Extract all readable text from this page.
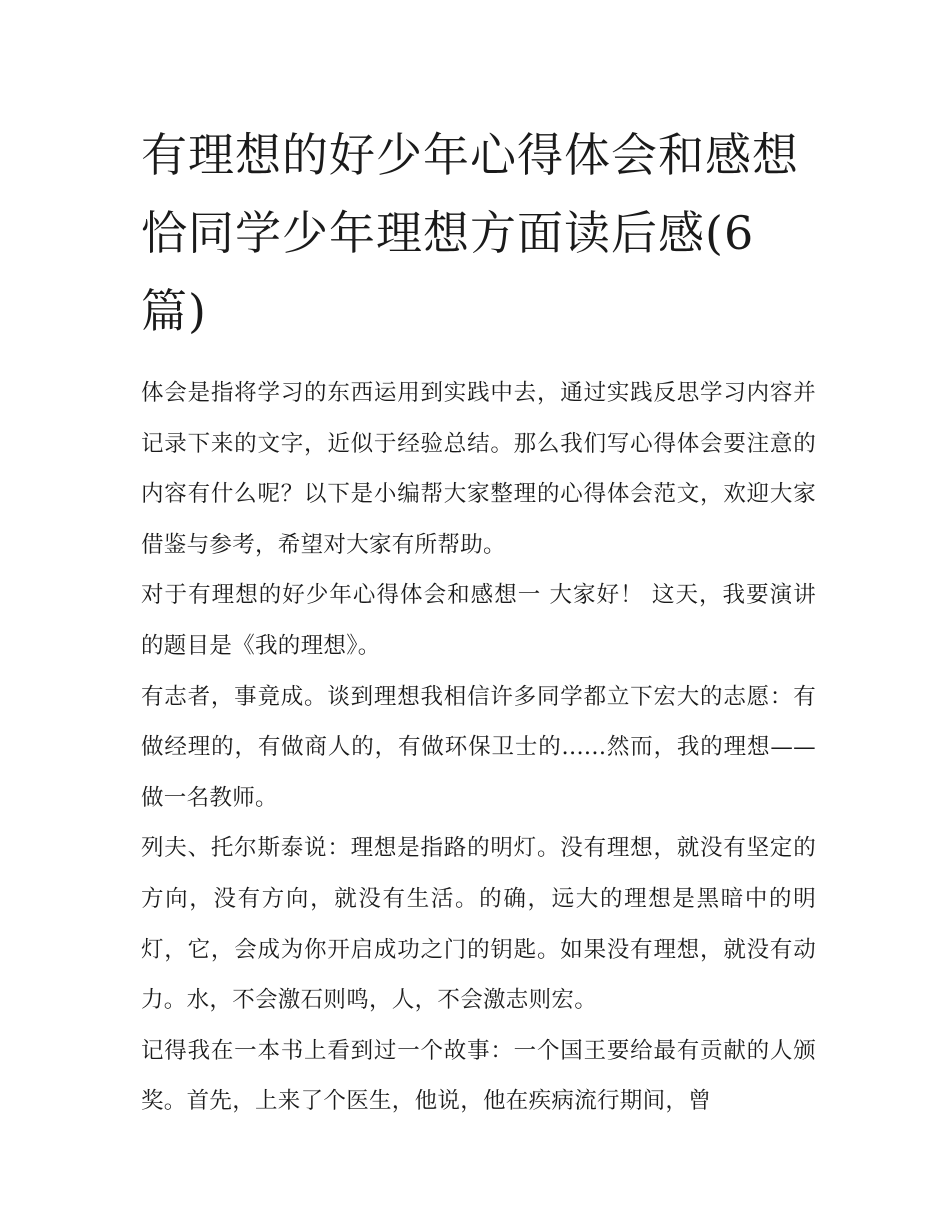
有理想的好少年心得体会和感想 恰同学少年理想方面读后感(6篇)

体会是指将学习的东西运用到实践中去，通过实践反思学习内容并记录下来的文字，近似于经验总结。那么我们写心得体会要注意的内容有什么呢？以下是小编帮大家整理的心得体会范文，欢迎大家借鉴与参考，希望对大家有所帮助。

对于有理想的好少年心得体会和感想一 大家好！ 这天，我要演讲的题目是《我的理想》。

有志者，事竟成。谈到理想我相信许多同学都立下宏大的志愿：有做经理的，有做商人的，有做环保卫士的......然而，我的理想——做一名教师。

列夫、托尔斯泰说：理想是指路的明灯。没有理想，就没有坚定的方向，没有方向，就没有生活。的确，远大的理想是黑暗中的明灯，它，会成为你开启成功之门的钥匙。如果没有理想，就没有动力。水，不会激石则鸣，人，不会激志则宏。

记得我在一本书上看到过一个故事：一个国王要给最有贡献的人颁奖。首先，上来了个医生，他说，他在疾病流行期间，曾
